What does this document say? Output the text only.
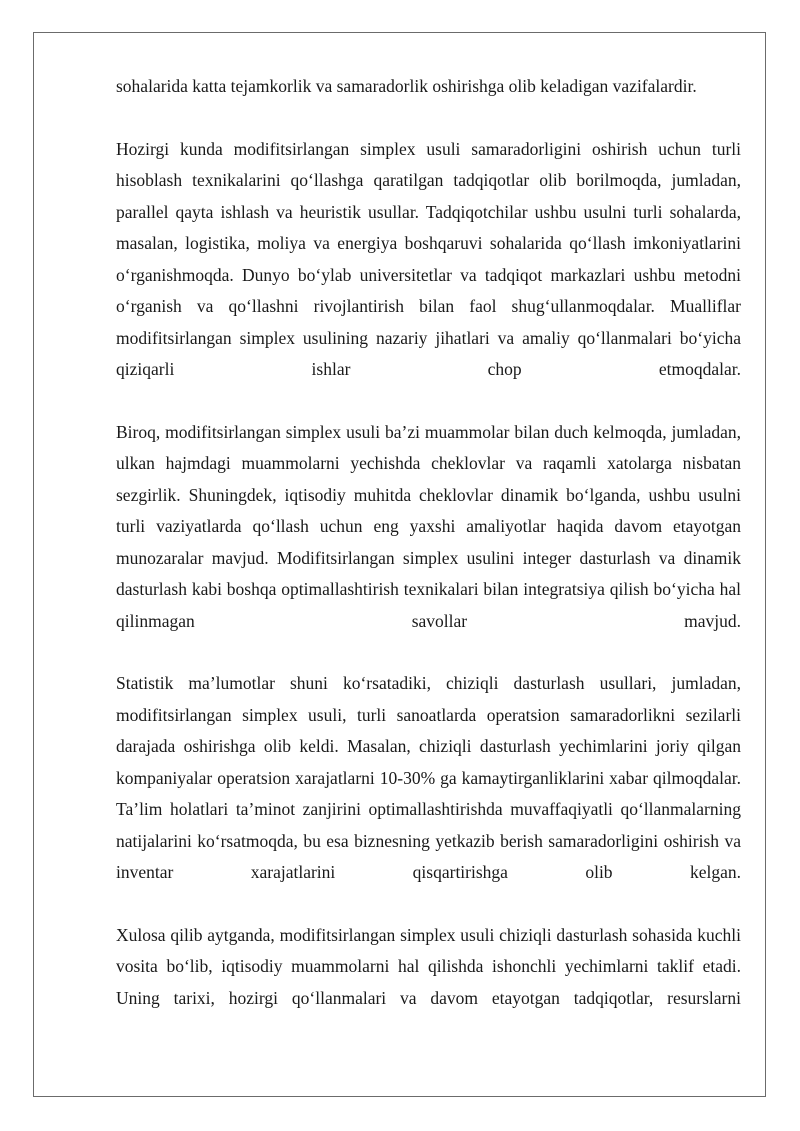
sohalarida katta tejamkorlik va samaradorlik oshirishga olib keladigan vazifalardir.

Hozirgi kunda modifitsirlangan simplex usuli samaradorligini oshirish uchun turli hisoblash texnikalarini qo‘llashga qaratilgan tadqiqotlar olib borilmoqda, jumladan, parallel qayta ishlash va heuristik usullar. Tadqiqotchilar ushbu usulni turli sohalarda, masalan, logistika, moliya va energiya boshqaruvi sohalarida qo‘llash imkoniyatlarini o‘rganishmoqda. Dunyo bo‘ylab universitetlar va tadqiqot markazlari ushbu metodni o‘rganish va qo‘llashni rivojlantirish bilan faol shug‘ullanmoqdalar. Mualliflar modifitsirlangan simplex usulining nazariy jihatlari va amaliy qo‘llanmalari bo‘yicha qiziqarli ishlar chop etmoqdalar.

Biroq, modifitsirlangan simplex usuli ba’zi muammolar bilan duch kelmoqda, jumladan, ulkan hajmdagi muammolarni yechishda cheklovlar va raqamli xatolarga nisbatan sezgirlik. Shuningdek, iqtisodiy muhitda cheklovlar dinamik bo‘lganda, ushbu usulni turli vaziyatlarda qo‘llash uchun eng yaxshi amaliyotlar haqida davom etayotgan munozaralar mavjud. Modifitsirlangan simplex usulini integer dasturlash va dinamik dasturlash kabi boshqa optimallashtirish texnikalari bilan integratsiya qilish bo‘yicha hal qilinmagan savollar mavjud.

Statistik ma’lumotlar shuni ko‘rsatadiki, chiziqli dasturlash usullari, jumladan, modifitsirlangan simplex usuli, turli sanoatlarda operatsion samaradorlikni sezilarli darajada oshirishga olib keldi. Masalan, chiziqli dasturlash yechimlarini joriy qilgan kompaniyalar operatsion xarajatlarni 10-30% ga kamaytirganliklarini xabar qilmoqdalar. Ta’lim holatlari ta’minot zanjirini optimallashtirishda muvaffaqiyatli qo‘llanmalarning natijalarini ko‘rsatmoqda, bu esa biznesning yetkazib berish samaradorligini oshirish va inventar xarajatlarini qisqartirishga olib kelgan.

Xulosa qilib aytganda, modifitsirlangan simplex usuli chiziqli dasturlash sohasida kuchli vosita bo‘lib, iqtisodiy muammolarni hal qilishda ishonchli yechimlarni taklif etadi. Uning tarixi, hozirgi qo‘llanmalari va davom etayotgan tadqiqotlar, resurslarni
